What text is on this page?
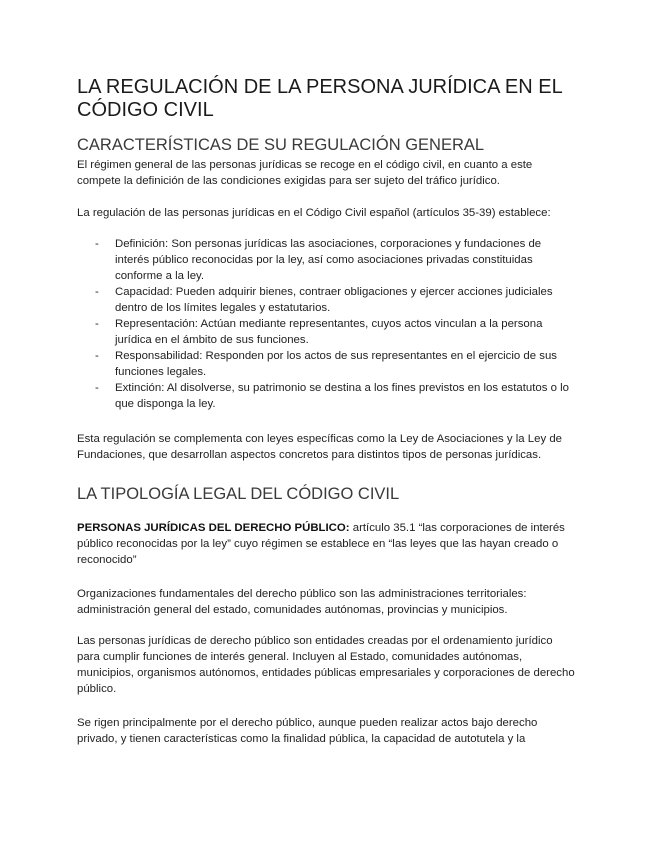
LA REGULACIÓN DE LA PERSONA JURÍDICA EN EL CÓDIGO CIVIL
CARACTERÍSTICAS DE SU REGULACIÓN GENERAL

El régimen general de las personas jurídicas se recoge en el código civil, en cuanto a este compete la definición de las condiciones exigidas para ser sujeto del tráfico jurídico.

La regulación de las personas jurídicas en el Código Civil español (artículos 35-39) establece:

- Definición: Son personas jurídicas las asociaciones, corporaciones y fundaciones de interés público reconocidas por la ley, así como asociaciones privadas constituidas conforme a la ley.
- Capacidad: Pueden adquirir bienes, contraer obligaciones y ejercer acciones judiciales dentro de los límites legales y estatutarios.
- Representación: Actúan mediante representantes, cuyos actos vinculan a la persona jurídica en el ámbito de sus funciones.
- Responsabilidad: Responden por los actos de sus representantes en el ejercicio de sus funciones legales.
- Extinción: Al disolverse, su patrimonio se destina a los fines previstos en los estatutos o lo que disponga la ley.

Esta regulación se complementa con leyes específicas como la Ley de Asociaciones y la Ley de Fundaciones, que desarrollan aspectos concretos para distintos tipos de personas jurídicas.

LA TIPOLOGÍA LEGAL DEL CÓDIGO CIVIL

PERSONAS JURÍDICAS DEL DERECHO PÚBLICO: artículo 35.1 “las corporaciones de interés público reconocidas por la ley” cuyo régimen se establece en “las leyes que las hayan creado o reconocido”

Organizaciones fundamentales del derecho público son las administraciones territoriales: administración general del estado, comunidades autónomas, provincias y municipios.

Las personas jurídicas de derecho público son entidades creadas por el ordenamiento jurídico para cumplir funciones de interés general. Incluyen al Estado, comunidades autónomas, municipios, organismos autónomos, entidades públicas empresariales y corporaciones de derecho público.

Se rigen principalmente por el derecho público, aunque pueden realizar actos bajo derecho privado, y tienen características como la finalidad pública, la capacidad de autotutela y la
